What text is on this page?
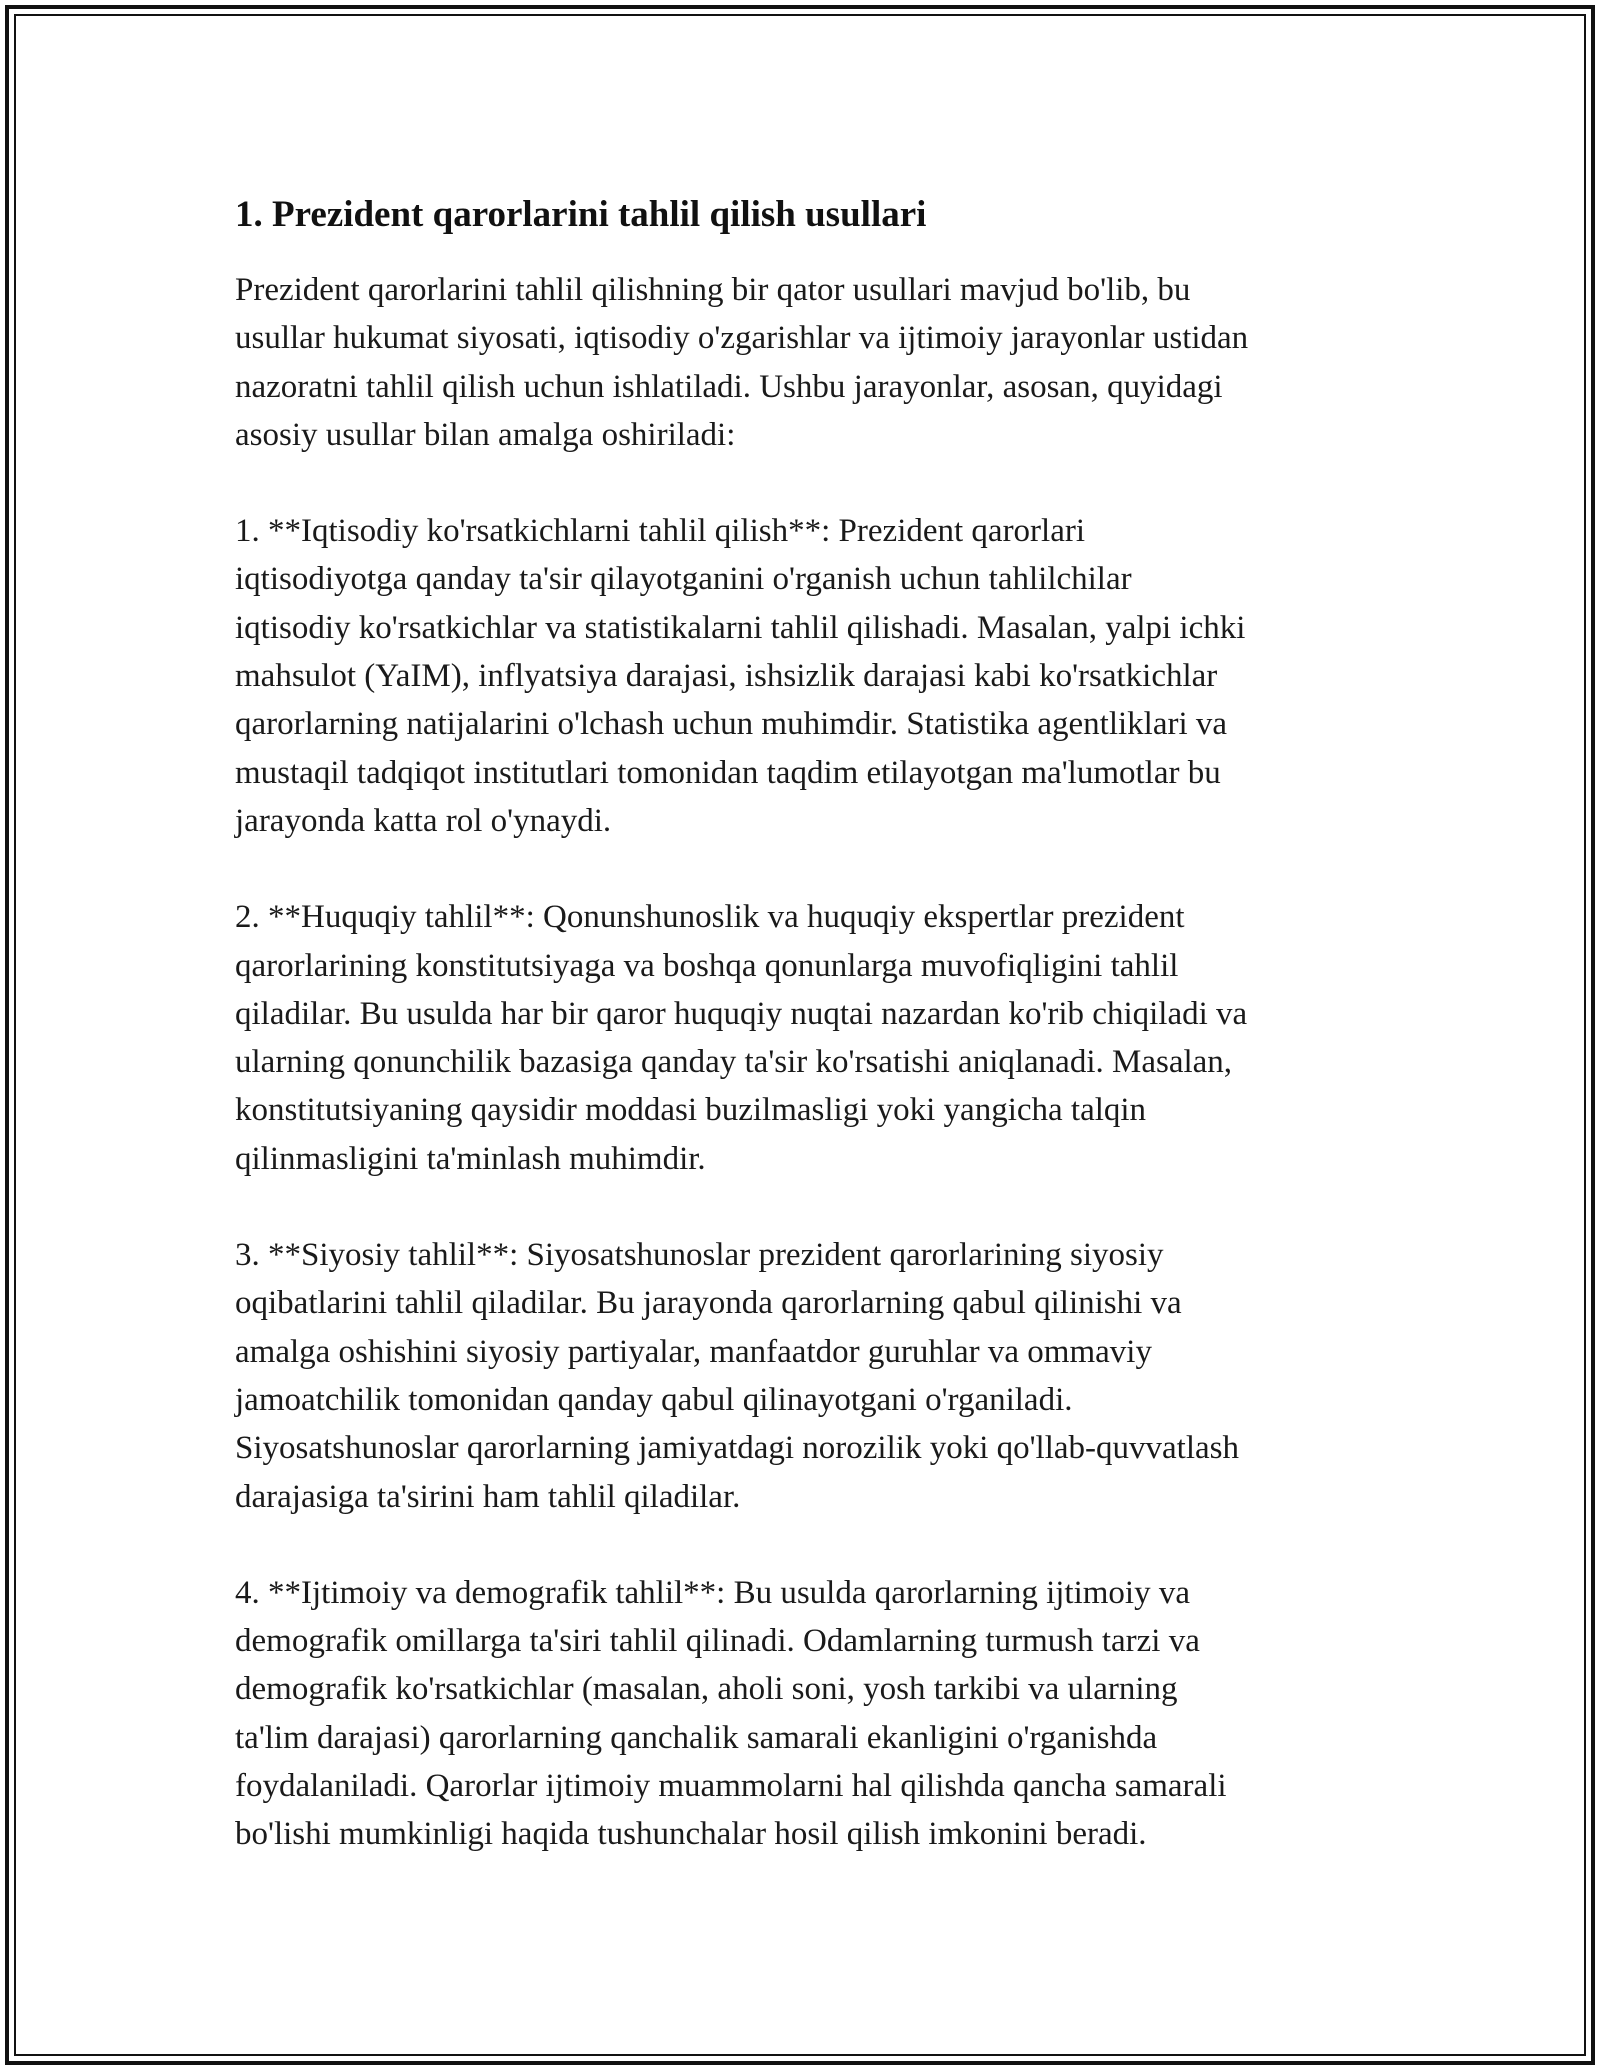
1. Prezident qarorlarini tahlil qilish usullari

Prezident qarorlarini tahlil qilishning bir qator usullari mavjud bo'lib, bu
usullar hukumat siyosati, iqtisodiy o'zgarishlar va ijtimoiy jarayonlar ustidan
nazoratni tahlil qilish uchun ishlatiladi. Ushbu jarayonlar, asosan, quyidagi
asosiy usullar bilan amalga oshiriladi:

1. **Iqtisodiy ko'rsatkichlarni tahlil qilish**: Prezident qarorlari
iqtisodiyotga qanday ta'sir qilayotganini o'rganish uchun tahlilchilar
iqtisodiy ko'rsatkichlar va statistikalarni tahlil qilishadi. Masalan, yalpi ichki
mahsulot (YaIM), inflyatsiya darajasi, ishsizlik darajasi kabi ko'rsatkichlar
qarorlarning natijalarini o'lchash uchun muhimdir. Statistika agentliklari va
mustaqil tadqiqot institutlari tomonidan taqdim etilayotgan ma'lumotlar bu
jarayonda katta rol o'ynaydi.

2. **Huquqiy tahlil**: Qonunshunoslik va huquqiy ekspertlar prezident
qarorlarining konstitutsiyaga va boshqa qonunlarga muvofiqligini tahlil
qiladilar. Bu usulda har bir qaror huquqiy nuqtai nazardan ko'rib chiqiladi va
ularning qonunchilik bazasiga qanday ta'sir ko'rsatishi aniqlanadi. Masalan,
konstitutsiyaning qaysidir moddasi buzilmasligi yoki yangicha talqin
qilinmasligini ta'minlash muhimdir.

3. **Siyosiy tahlil**: Siyosatshunoslar prezident qarorlarining siyosiy
oqibatlarini tahlil qiladilar. Bu jarayonda qarorlarning qabul qilinishi va
amalga oshishini siyosiy partiyalar, manfaatdor guruhlar va ommaviy
jamoatchilik tomonidan qanday qabul qilinayotgani o'rganiladi.
Siyosatshunoslar qarorlarning jamiyatdagi norozilik yoki qo'llab-quvvatlash
darajasiga ta'sirini ham tahlil qiladilar.

4. **Ijtimoiy va demografik tahlil**: Bu usulda qarorlarning ijtimoiy va
demografik omillarga ta'siri tahlil qilinadi. Odamlarning turmush tarzi va
demografik ko'rsatkichlar (masalan, aholi soni, yosh tarkibi va ularning
ta'lim darajasi) qarorlarning qanchalik samarali ekanligini o'rganishda
foydalaniladi. Qarorlar ijtimoiy muammolarni hal qilishda qancha samarali
bo'lishi mumkinligi haqida tushunchalar hosil qilish imkonini beradi.
